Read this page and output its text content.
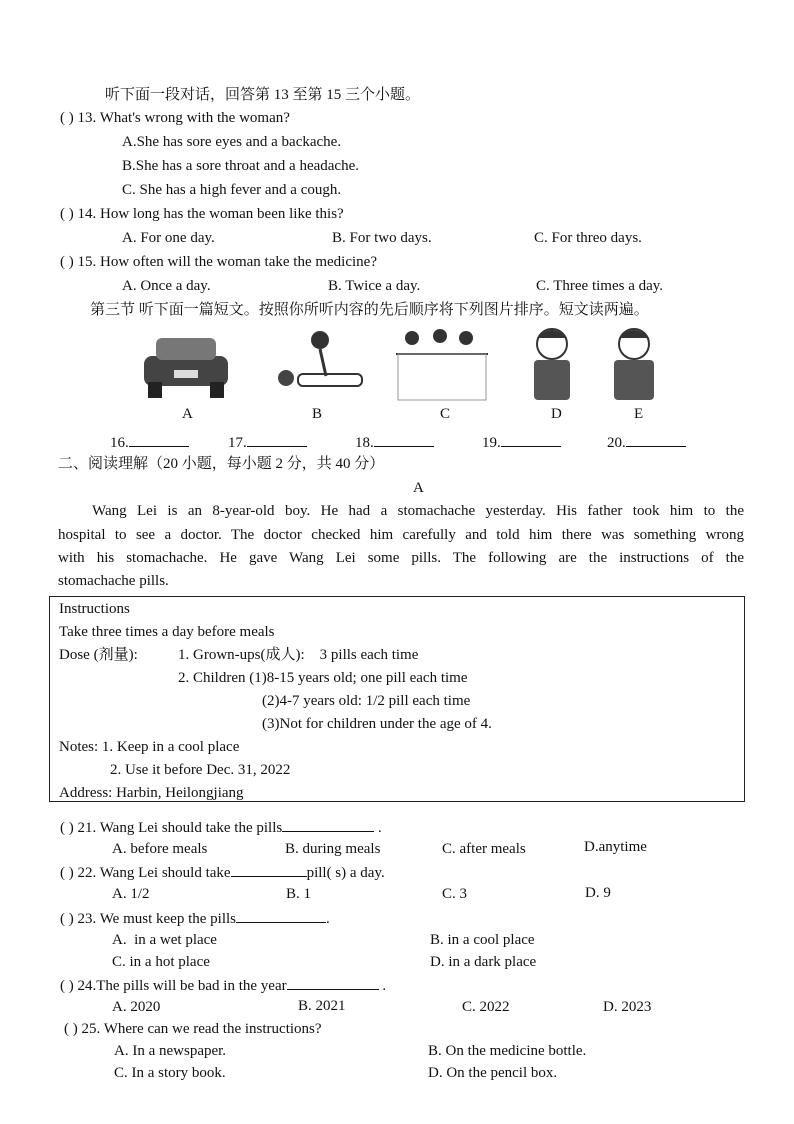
听下面一段对话，回答第 13 至第 15 三个小题。
( ) 13. What's wrong with the woman?
A.She has sore eyes and a backache.
B.She has a sore throat and a headache.
C. She has a high fever and a cough.
( ) 14. How long has the woman been like this?
A. For one day.	B. For two days.	C. For threo days.
( ) 15. How often will the woman take the medicine?
A. Once a day.	B. Twice a day.	C. Three times a day.
第三节 听下面一篇短文。按照你所听内容的先后顺序将下列图片排序。短文读两遍。
A	B	C	D	E
16.	17.	18.	19.	20.
二、阅读理解（20 小题，每小题 2 分，共 40 分）
A
Wang Lei is an 8-year-old boy. He had a stomachache yesterday. His father took him to the
hospital to see a doctor. The doctor checked him carefully and told him there was something wrong
with his stomachache. He gave Wang Lei some pills. The following are the instructions of the
stomachache pills.
Instructions
Take three times a day before meals
Dose (剂量):	1. Grown-ups(成人):    3 pills each time
2. Children (1)8-15 years old; one pill each time
(2)4-7 years old: 1/2 pill each time
(3)Not for children under the age of 4.
Notes: 1. Keep in a cool place
2. Use it before Dec. 31, 2022
Address: Harbin, Heilongjiang
( ) 21. Wang Lei should take the pills	.
A. before meals	B. during meals	C. after meals	D.anytime
( ) 22. Wang Lei should take	pill( s) a day.
A. 1/2	B. 1	C. 3	D. 9
( ) 23. We must keep the pills	.
A.  in a wet place	B. in a cool place
C. in a hot place	D. in a dark place
( ) 24.The pills will be bad in the year	.
A. 2020	B. 2021	C. 2022	D. 2023
( ) 25. Where can we read the instructions?
A. In a newspaper.	B. On the medicine bottle.
C. In a story book.	D. On the pencil box.
